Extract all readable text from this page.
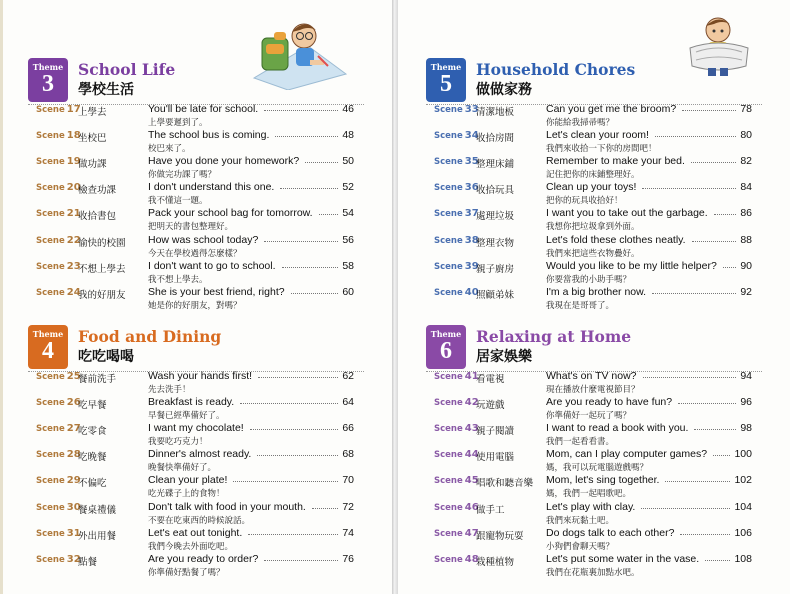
Theme
3
School Life
學校生活
Scene 17
上學去	You'll be late for school.	46
上學要遲到了。
Scene 18
坐校巴	The school bus is coming.	48
校巴來了。
Scene 19
做功課	Have you done your homework?	50
你做完功課了嗎？
Scene 20
檢查功課	I don't understand this one.	52
我不懂這一題。
Scene 21
收拾書包	Pack your school bag for tomorrow.	54
把明天的書包整理好。
Scene 22
愉快的校園 How was school today?	56
今天在學校過得怎麼樣？
Scene 23
不想上學去 I don't want to go to school.	58
我不想上學去。
Scene 24
我的好朋友 She is your best friend, right?	60
她是你的好朋友，對嗎？
Theme
4
Food and Dining
吃吃喝喝
Scene 25
餐前洗手	Wash your hands first!	62
先去洗手！
Scene 26
吃早餐	Breakfast is ready.	64
早餐已經準備好了。
Scene 27
吃零食	I want my chocolate!	66
我要吃巧克力！
Scene 28
吃晚餐	Dinner's almost ready.	68
晚餐快準備好了。
Scene 29
不偏吃	Clean your plate!	70
吃光碟子上的食物！
Scene 30
餐桌禮儀	Don't talk with food in your mouth.	72
不要在吃東西的時候說話。
Scene 31
外出用餐	Let's eat out tonight.	74
我們今晚去外面吃吧。
Scene 32
點餐	Are you ready to order?	76
你準備好點餐了嗎？
Theme
5
Household Chores
做做家務
Scene 33
清潔地板	Can you get me the broom?	78
你能給我掃帚嗎？
Scene 34
收拾房間	Let's clean your room!	80
我們來收拾一下你的房間吧！
Scene 35
整理床鋪	Remember to make your bed.	82
記住把你的床鋪整理好。
Scene 36
收拾玩具	Clean up your toys!	84
把你的玩具收拾好！
Scene 37
處理垃圾	I want you to take out the garbage.	86
我想你把垃圾拿到外面。
Scene 38
整理衣物	Let's fold these clothes neatly.	88
我們來把這些衣物疊好。
Scene 39
親子廚房	Would you like to be my little helper? 90
你要當我的小助手嗎？
Scene 40
照顧弟妹	I'm a big brother now.	92
我現在是哥哥了。
Theme
6
Relaxing at Home
居家娛樂
Scene 41
看電視	What's on TV now?	94
現在播放什麼電視節目？
Scene 42
玩遊戲	Are you ready to have fun?	96
你準備好一起玩了嗎？
Scene 43
親子閱讀	I want to read a book with you.	98
我們一起看看書。
Scene 44
使用電腦	Mom, can I play computer games?	100
媽，我可以玩電腦遊戲嗎？
Scene 45
唱歌和聽音樂 Mom, let's sing together.	102
媽，我們一起唱歌吧。
Scene 46
做手工	Let's play with clay.	104
我們來玩黏土吧。
Scene 47
跟寵物玩耍 Do dogs talk to each other?	106
小狗們會聊天嗎？
Scene 48
栽種植物	Let's put some water in the vase.	108
我們在花瓶裏加點水吧。
